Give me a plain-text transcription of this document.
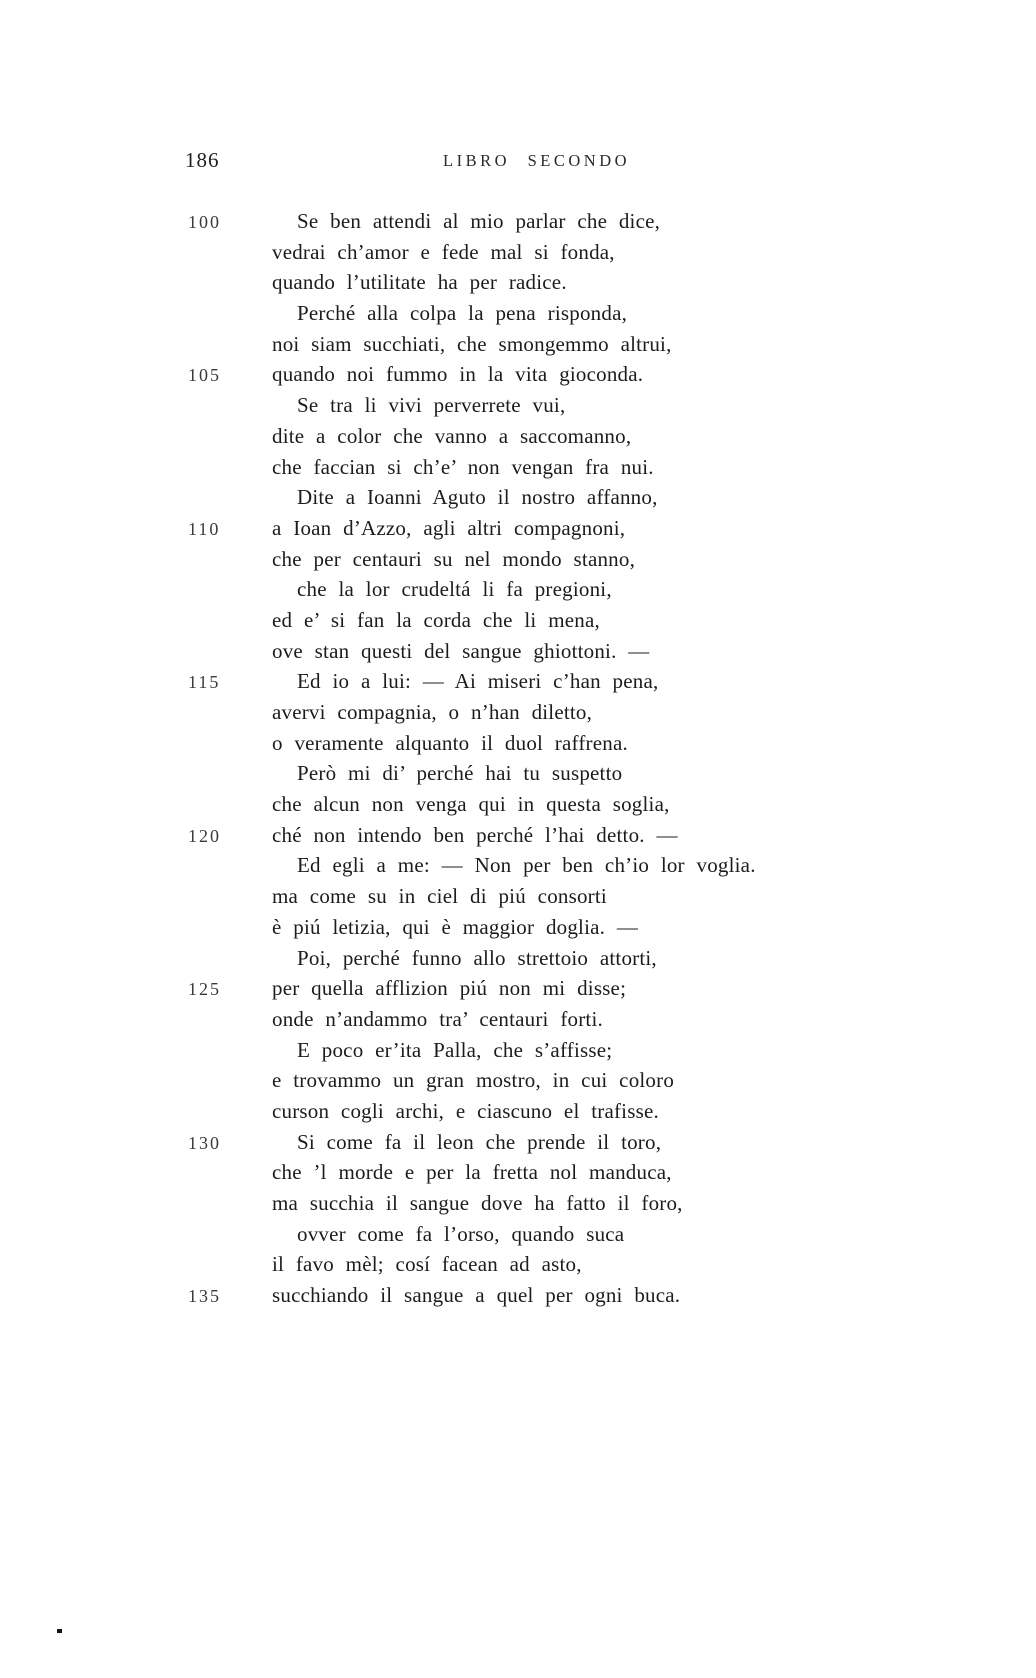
186	LIBRO SECONDO
100	Se ben attendi al mio parlar che dice,
vedrai ch’amor e fede mal si fonda,
quando l’utilitate ha per radice.
Perché alla colpa la pena risponda,
noi siam succhiati, che smongemmo altrui,
105	quando noi fummo in la vita gioconda.
Se tra li vivi perverrete vui,
dite a color che vanno a saccomanno,
che faccian si ch’e’ non vengan fra nui.
Dite a Ioanni Aguto il nostro affanno,
110	a Ioan d’Azzo, agli altri compagnoni,
che per centauri su nel mondo stanno,
che la lor crudeltá li fa pregioni,
ed e’ si fan la corda che li mena,
ove stan questi del sangue ghiottoni. —
115	Ed io a lui: — Ai miseri c’han pena,
avervi compagnia, o n’han diletto,
o veramente alquanto il duol raffrena.
Però mi di’ perché hai tu suspetto
che alcun non venga qui in questa soglia,
120	ché non intendo ben perché l’hai detto. —
Ed egli a me: — Non per ben ch’io lor voglia.
ma come su in ciel di piú consorti
è piú letizia, qui è maggior doglia. —
Poi, perché funno allo strettoio attorti,
125	per quella afflizion piú non mi disse;
onde n’andammo tra’ centauri forti.
E poco er’ita Palla, che s’affisse;
e trovammo un gran mostro, in cui coloro
curson cogli archi, e ciascuno el trafisse.
130	Si come fa il leon che prende il toro,
che ’l morde e per la fretta nol manduca,
ma succhia il sangue dove ha fatto il foro,
ovver come fa l’orso, quando suca
il favo mèl; cosí facean ad asto,
135	succhiando il sangue a quel per ogni buca.
